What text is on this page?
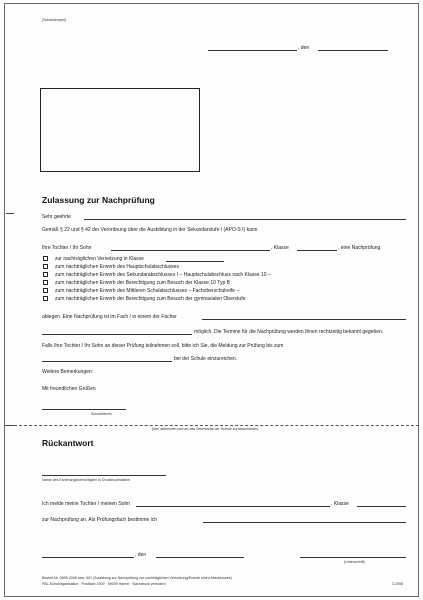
(Schulstempel)
, den
Zulassung zur Nachprüfung
Sehr geehrte
Gemäß § 22 und § 42 der Verordnung über die Ausbildung in der Sekundarstufe I (APO-S I) kann
Ihre Tochter / Ihr Sohn	, Klasse	, eine Nachprüfung
zur nachträglichen Versetzung in Klasse
zum nachträglichen Erwerb des Hauptschulabschlusses
zum nachträglichen Erwerb des Sekundarabschlusses I – Hauptschulabschluss nach Klasse 10 –
zum nachträglichen Erwerb der Berechtigung zum Besuch der Klasse 10 Typ B
zum nachträglichen Erwerb des Mittleren Schulabschlusses – Fachoberschulreife –
zum nachträglichen Erwerb der Berechtigung zum Besuch der gymnasialen Oberstufe
ablegen. Eine Nachprüfung ist im Fach / in einem der Fächer
möglich. Die Termine für die Nachprüfung werden Ihnen rechtzeitig bekannt gegeben.
Falls Ihre Tochter / Ihr Sohn an dieser Prüfung teilnehmen soll, bitte ich Sie, die Meldung zur Prüfung bis zum
bei der Schule einzureichen.
Weitere Bemerkungen:
Mit freundlichen Grüßen
Schulleiter/in
(hier abtrennen und an das Sekretariat der Schule zurückschicken)
Rückantwort
Name des Erziehungsberechtigten in Druckbuchstaben
Ich melde meine Tochter / meinen Sohn	, Klasse
zur Nachprüfung an. Als Prüfungsfach bestimme ich
, den
(Unterschrift)
Bestell-Nr. 0695-2008 bzw. 601 (Zulassung zur Nachprüfung zur nachträglichen Versetzung/Erwerb eines Abschlusses)
FBL-Schulorganisation · Postfach 1909 · 59009 Hamm · Nachdruck verboten!	3.2008
